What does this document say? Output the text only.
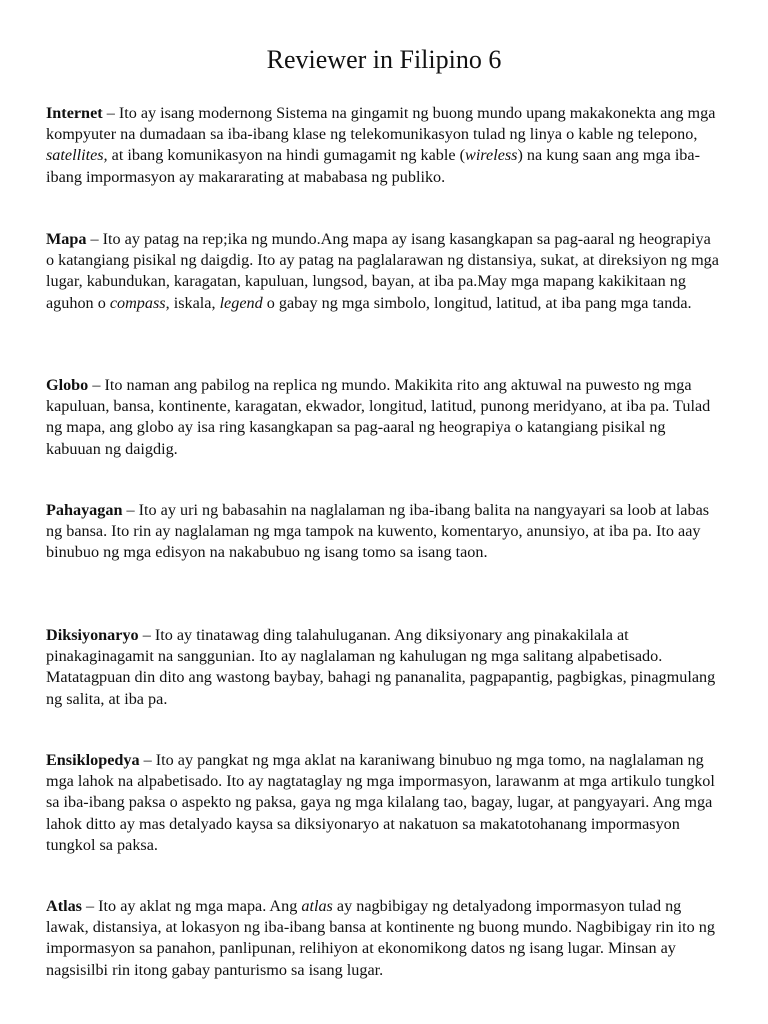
Reviewer in Filipino 6

Internet – Ito ay isang modernong Sistema na gingamit ng buong mundo upang makakonekta ang mga kompyuter na dumadaan sa iba-ibang klase ng telekomunikasyon tulad ng linya o kable ng telepono, satellites, at ibang komunikasyon na hindi gumagamit ng kable (wireless) na kung saan ang mga iba-ibang impormasyon ay makararating at mababasa ng publiko.

Mapa – Ito ay patag na rep;ika ng mundo.Ang mapa ay isang kasangkapan sa pag-aaral ng heograpiya o katangiang pisikal ng daigdig. Ito ay patag na paglalarawan ng distansiya, sukat, at direksiyon ng mga lugar, kabundukan, karagatan, kapuluan, lungsod, bayan, at iba pa.May mga mapang kakikitaan ng aguhon o compass, iskala, legend o gabay ng mga simbolo, longitud, latitud, at iba pang mga tanda.

Globo – Ito naman ang pabilog na replica ng mundo. Makikita rito ang aktuwal na puwesto ng mga kapuluan, bansa, kontinente, karagatan, ekwador, longitud, latitud, punong meridyano, at iba pa. Tulad ng mapa, ang globo ay isa ring kasangkapan sa pag-aaral ng heograpiya o katangiang pisikal ng kabuuan ng daigdig.

Pahayagan – Ito ay uri ng babasahin na naglalaman ng iba-ibang balita na nangyayari sa loob at labas ng bansa. Ito rin ay naglalaman ng mga tampok na kuwento, komentaryo, anunsiyo, at iba pa. Ito aay binubuo ng mga edisyon na nakabubuo ng isang tomo sa isang taon.

Diksiyonaryo – Ito ay tinatawag ding talahuluganan. Ang diksiyonary ang pinakakilala at pinakaginagamit na sanggunian. Ito ay naglalaman ng kahulugan ng mga salitang alpabetisado. Matatagpuan din dito ang wastong baybay, bahagi ng pananalita, pagpapantig, pagbigkas, pinagmulang ng salita, at iba pa.

Ensiklopedya – Ito ay pangkat ng mga aklat na karaniwang binubuo ng mga tomo, na naglalaman ng mga lahok na alpabetisado. Ito ay nagtataglay ng mga impormasyon, larawanm at mga artikulo tungkol sa iba-ibang paksa o aspekto ng paksa, gaya ng mga kilalang tao, bagay, lugar, at pangyayari. Ang mga lahok ditto ay mas detalyado kaysa sa diksiyonaryo at nakatuon sa makatotohanang impormasyon tungkol sa paksa.

Atlas – Ito ay aklat ng mga mapa. Ang atlas ay nagbibigay ng detalyadong impormasyon tulad ng lawak, distansiya, at lokasyon ng iba-ibang bansa at kontinente ng buong mundo. Nagbibigay rin ito ng impormasyon sa panahon, panlipunan, relihiyon at ekonomikong datos ng isang lugar. Minsan ay nagsisilbi rin itong gabay panturismo sa isang lugar.
